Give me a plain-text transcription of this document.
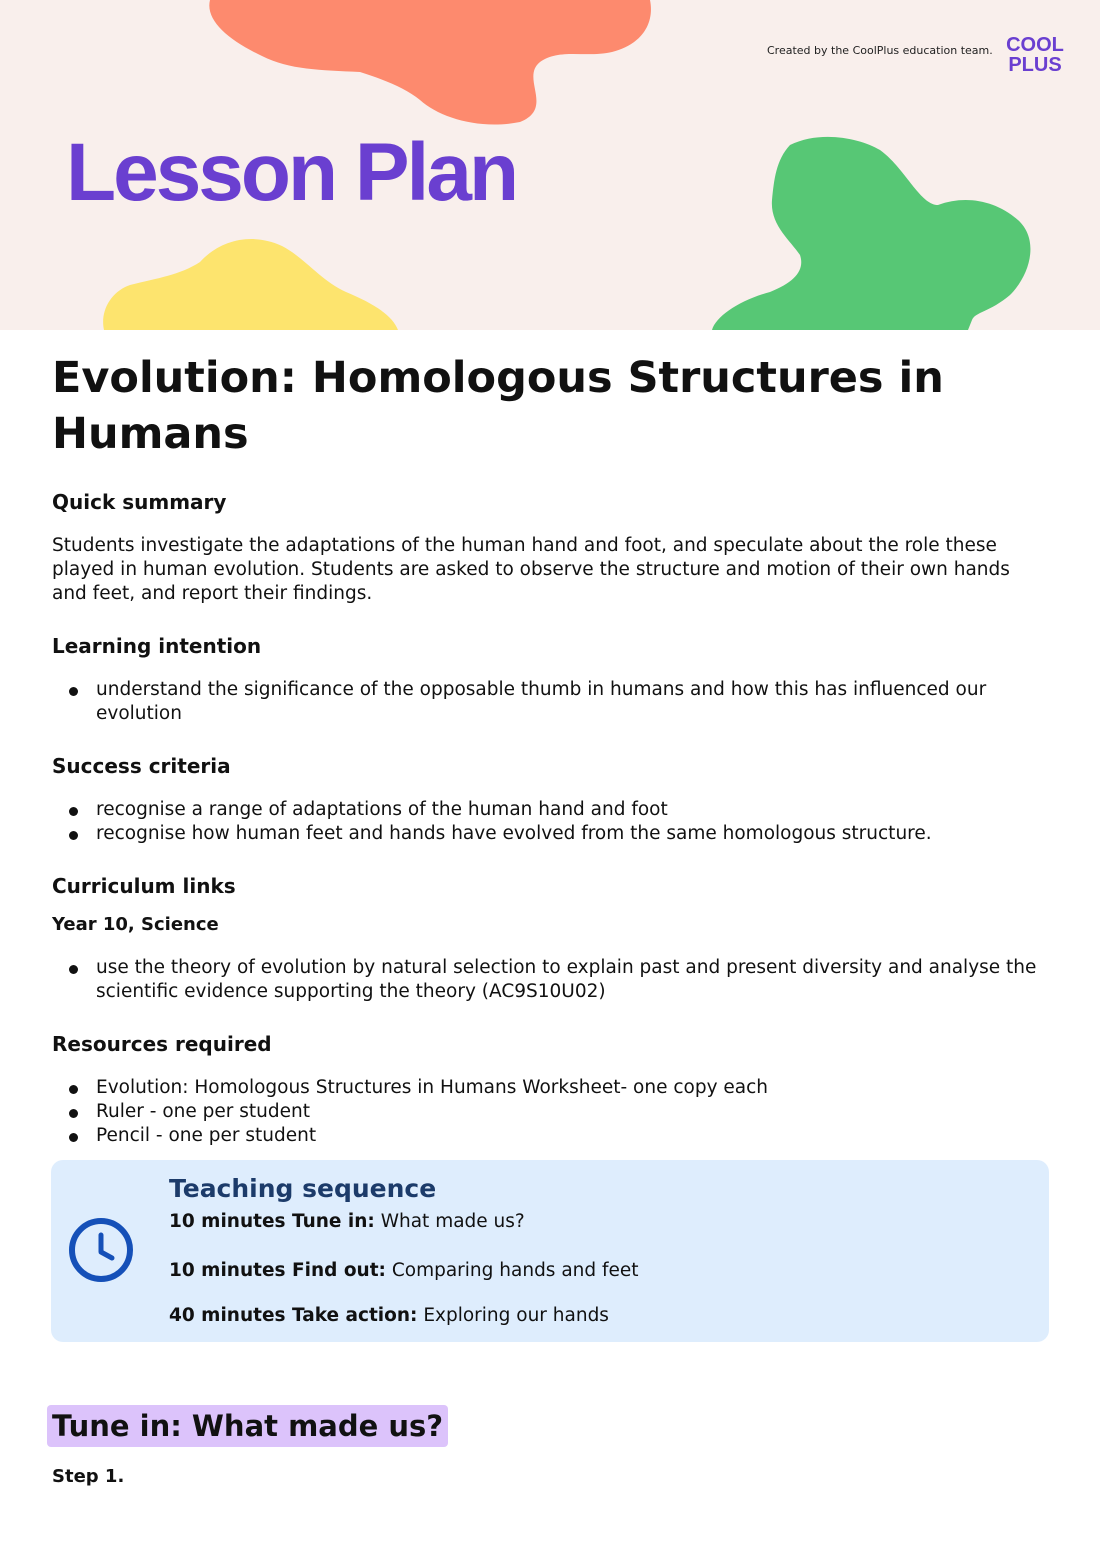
Created by the CoolPlus education team. COOL
PLUS
Lesson Plan
Evolution: Homologous Structures in Humans
Quick summary

Students investigate the adaptations of the human hand and foot, and speculate about the role these played in human evolution. Students are asked to observe the structure and motion of their own hands and feet, and report their findings.

Learning intention
understand the significance of the opposable thumb in humans and how this has influenced our evolution
Success criteria
recognise a range of adaptations of the human hand and foot
recognise how human feet and hands have evolved from the same homologous structure.
Curriculum links
Year 10, Science
use the theory of evolution by natural selection to explain past and present diversity and analyse the scientific evidence supporting the theory (AC9S10U02)
Resources required
Evolution: Homologous Structures in Humans Worksheet- one copy each
Ruler - one per student
Pencil - one per student
Teaching sequence
10 minutes Tune in: What made us?
10 minutes Find out: Comparing hands and feet
40 minutes Take action: Exploring our hands
Tune in: What made us?
Step 1.
